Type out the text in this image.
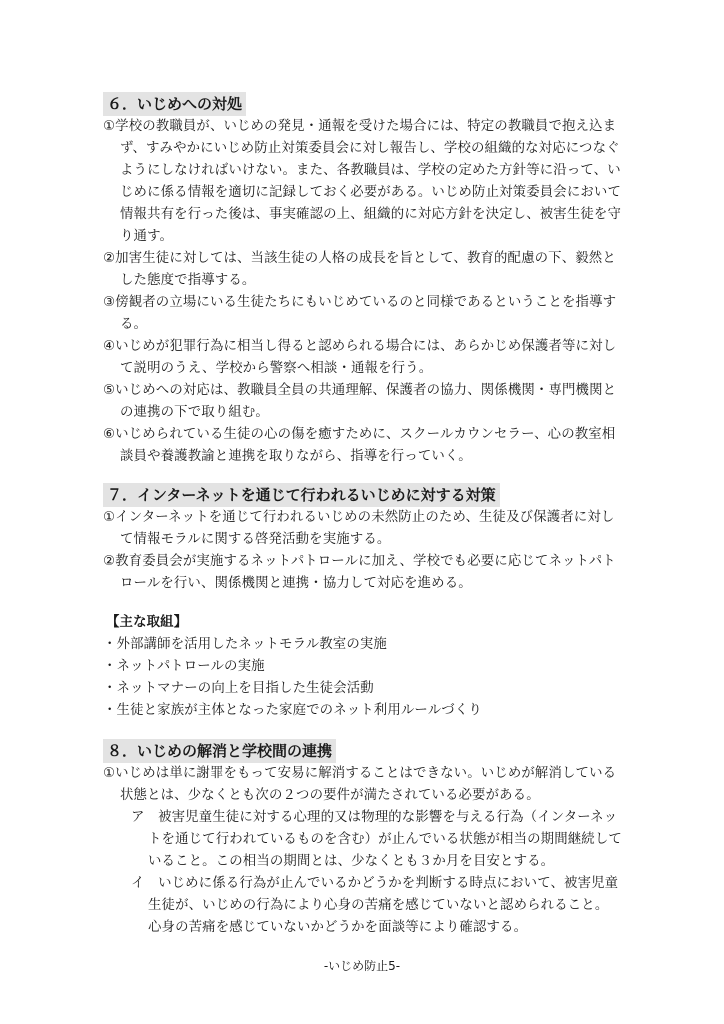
６．いじめへの対処
①学校の教職員が、いじめの発見・通報を受けた場合には、特定の教職員で抱え込ま
ず、すみやかにいじめ防止対策委員会に対し報告し、学校の組織的な対応につなぐ
ようにしなければいけない。また、各教職員は、学校の定めた方針等に沿って、い
じめに係る情報を適切に記録しておく必要がある。いじめ防止対策委員会において
情報共有を行った後は、事実確認の上、組織的に対応方針を決定し、被害生徒を守
り通す。
②加害生徒に対しては、当該生徒の人格の成長を旨として、教育的配慮の下、毅然と
した態度で指導する。
③傍観者の立場にいる生徒たちにもいじめているのと同様であるということを指導す
る。
④いじめが犯罪行為に相当し得ると認められる場合には、あらかじめ保護者等に対し
て説明のうえ、学校から警察へ相談・通報を行う。
⑤いじめへの対応は、教職員全員の共通理解、保護者の協力、関係機関・専門機関と
の連携の下で取り組む。
⑥いじめられている生徒の心の傷を癒すために、スクールカウンセラー、心の教室相
談員や養護教諭と連携を取りながら、指導を行っていく。
７．インターネットを通じて行われるいじめに対する対策
①インターネットを通じて行われるいじめの未然防止のため、生徒及び保護者に対し
て情報モラルに関する啓発活動を実施する。
②教育委員会が実施するネットパトロールに加え、学校でも必要に応じてネットパト
ロールを行い、関係機関と連携・協力して対応を進める。
【主な取組】
・外部講師を活用したネットモラル教室の実施
・ネットパトロールの実施
・ネットマナーの向上を目指した生徒会活動
・生徒と家族が主体となった家庭でのネット利用ルールづくり
８．いじめの解消と学校間の連携
①いじめは単に謝罪をもって安易に解消することはできない。いじめが解消している
状態とは、少なくとも次の２つの要件が満たされている必要がある。
ア　被害児童生徒に対する心理的又は物理的な影響を与える行為（インターネッ
トを通じて行われているものを含む）が止んでいる状態が相当の期間継続して
いること。この相当の期間とは、少なくとも３か月を目安とする。
イ　いじめに係る行為が止んでいるかどうかを判断する時点において、被害児童
生徒が、いじめの行為により心身の苦痛を感じていないと認められること。
心身の苦痛を感じていないかどうかを面談等により確認する。
-いじめ防止5-
